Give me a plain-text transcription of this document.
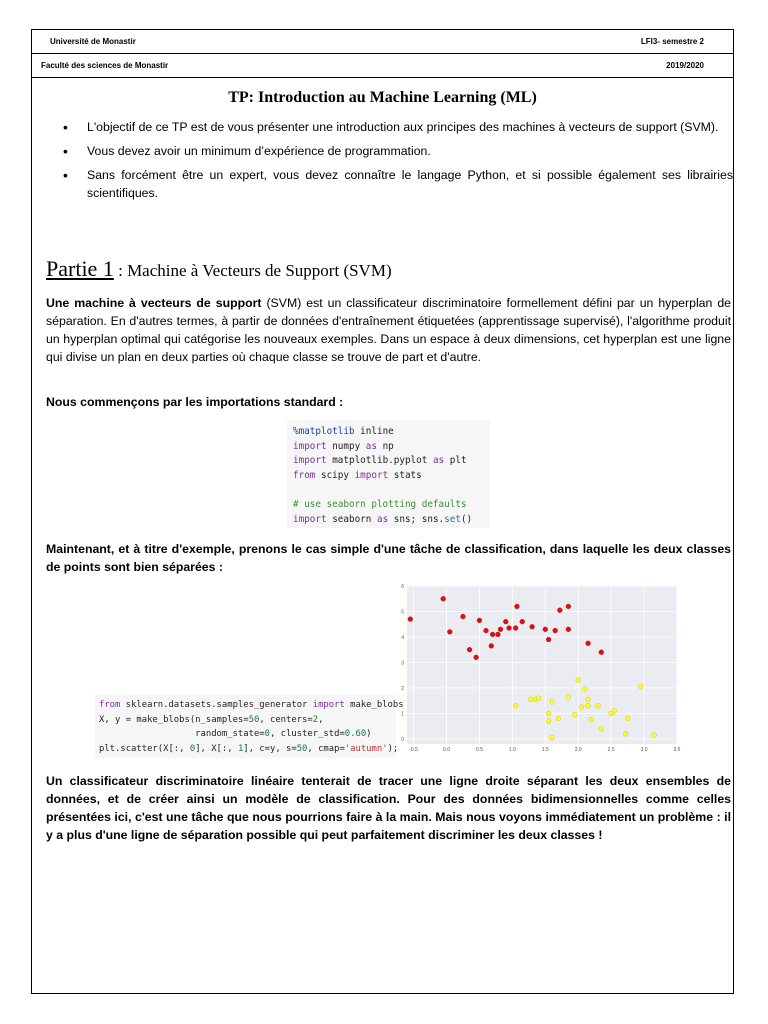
Université de Monastir	LFI3- semestre 2
Faculté des sciences de Monastir	2019/2020
TP: Introduction au Machine Learning (ML)
• L'objectif de ce TP est de vous présenter une introduction aux principes des machines à vecteurs de support (SVM).
• Vous devez avoir un minimum d’expérience de programmation.
• Sans forcément être un expert, vous devez connaître le langage Python, et si possible également ses librairies scientifiques.
Partie 1 : Machine à Vecteurs de Support (SVM)

Une machine à vecteurs de support (SVM) est un classificateur discriminatoire formellement défini par un hyperplan de séparation. En d'autres termes, à partir de données d'entraînement étiquetées (apprentissage supervisé), l'algorithme produit un hyperplan optimal qui catégorise les nouveaux exemples. Dans un espace à deux dimensions, cet hyperplan est une ligne qui divise un plan en deux parties où chaque classe se trouve de part et d'autre.

Nous commençons par les importations standard :

%matplotlib inline
import numpy as np
import matplotlib.pyplot as plt
from scipy import stats
# use seaborn plotting defaults
import seaborn as sns; sns.set()

Maintenant, et à titre d'exemple, prenons le cas simple d'une tâche de classification, dans laquelle les deux classes de points sont bien séparées :

from sklearn.datasets.samples_generator import make_blobs
X, y = make_blobs(n_samples=50, centers=2,
random_state=0, cluster_std=0.60)
plt.scatter(X[:, 0], X[:, 1], c=y, s=50, cmap='autumn'); -0.5	0.0	0.5	1.0	1.5	2.0	2.5	3.0	3.5
0
1
2
3
4
5
6

Un classificateur discriminatoire linéaire tenterait de tracer une ligne droite séparant les deux ensembles de données, et de créer ainsi un modèle de classification. Pour des données bidimensionnelles comme celles présentées ici, c'est une tâche que nous pourrions faire à la main. Mais nous voyons immédiatement un problème : il y a plus d'une ligne de séparation possible qui peut parfaitement discriminer les deux classes !
